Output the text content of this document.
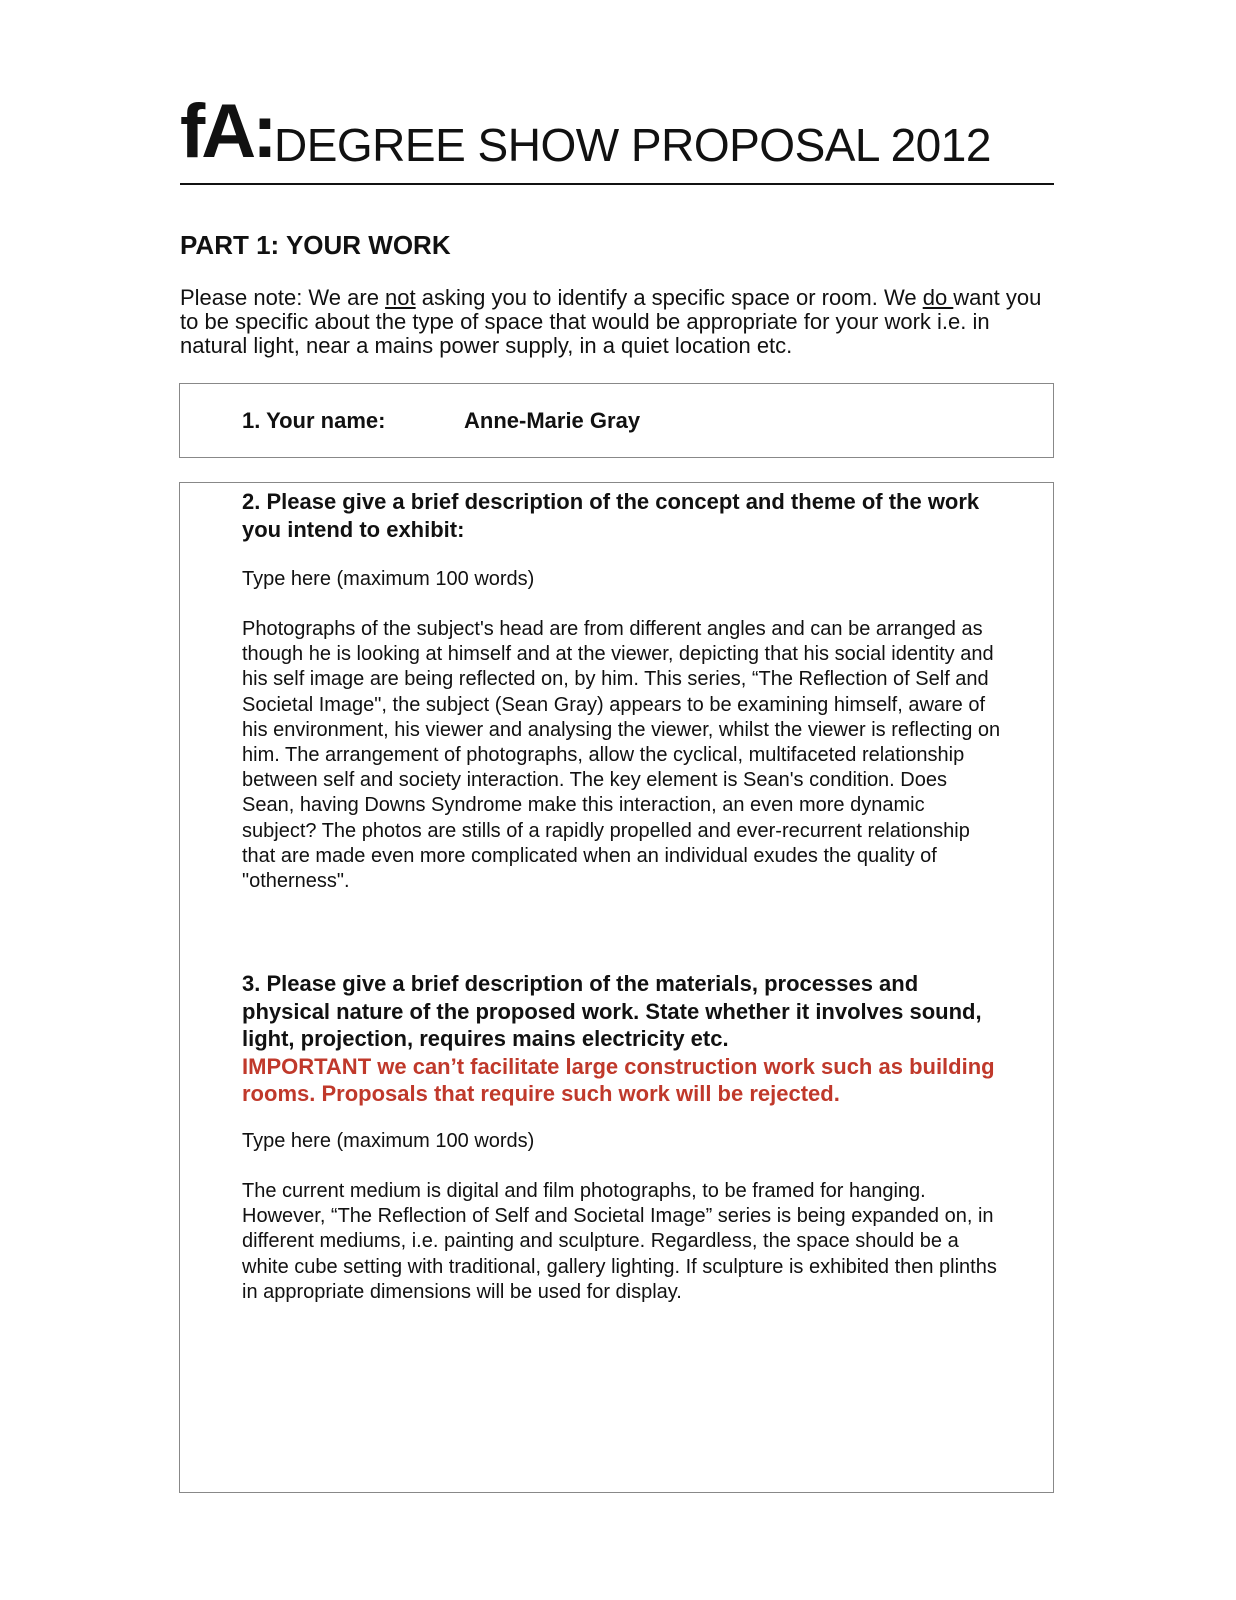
fA: DEGREE SHOW PROPOSAL 2012
PART 1: YOUR WORK

Please note: We are not asking you to identify a specific space or room. We do want you to be specific about the type of space that would be appropriate for your work i.e. in natural light, near a mains power supply, in a quiet location etc.

1. Your name:	Anne-Marie Gray

2. Please give a brief description of the concept and theme of the work you intend to exhibit:

Type here (maximum 100 words)

Photographs of the subject's head are from different angles and can be arranged as though he is looking at himself and at the viewer, depicting that his social identity and his self image are being reflected on, by him. This series, “The Reflection of Self and Societal Image", the subject (Sean Gray) appears to be examining himself, aware of his environment, his viewer and analysing the viewer, whilst the viewer is reflecting on him. The arrangement of photographs, allow the cyclical, multifaceted relationship between self and society interaction. The key element is Sean's condition. Does Sean, having Downs Syndrome make this interaction, an even more dynamic subject? The photos are stills of a rapidly propelled and ever-recurrent relationship that are made even more complicated when an individual exudes the quality of "otherness".

3. Please give a brief description of the materials, processes and physical nature of the proposed work. State whether it involves sound, light, projection, requires mains electricity etc.
IMPORTANT we can’t facilitate large construction work such as building rooms. Proposals that require such work will be rejected.

Type here (maximum 100 words)

The current medium is digital and film photographs, to be framed for hanging. However, “The Reflection of Self and Societal Image” series is being expanded on, in different mediums, i.e. painting and sculpture. Regardless, the space should be a white cube setting with traditional, gallery lighting. If sculpture is exhibited then plinths in appropriate dimensions will be used for display.
